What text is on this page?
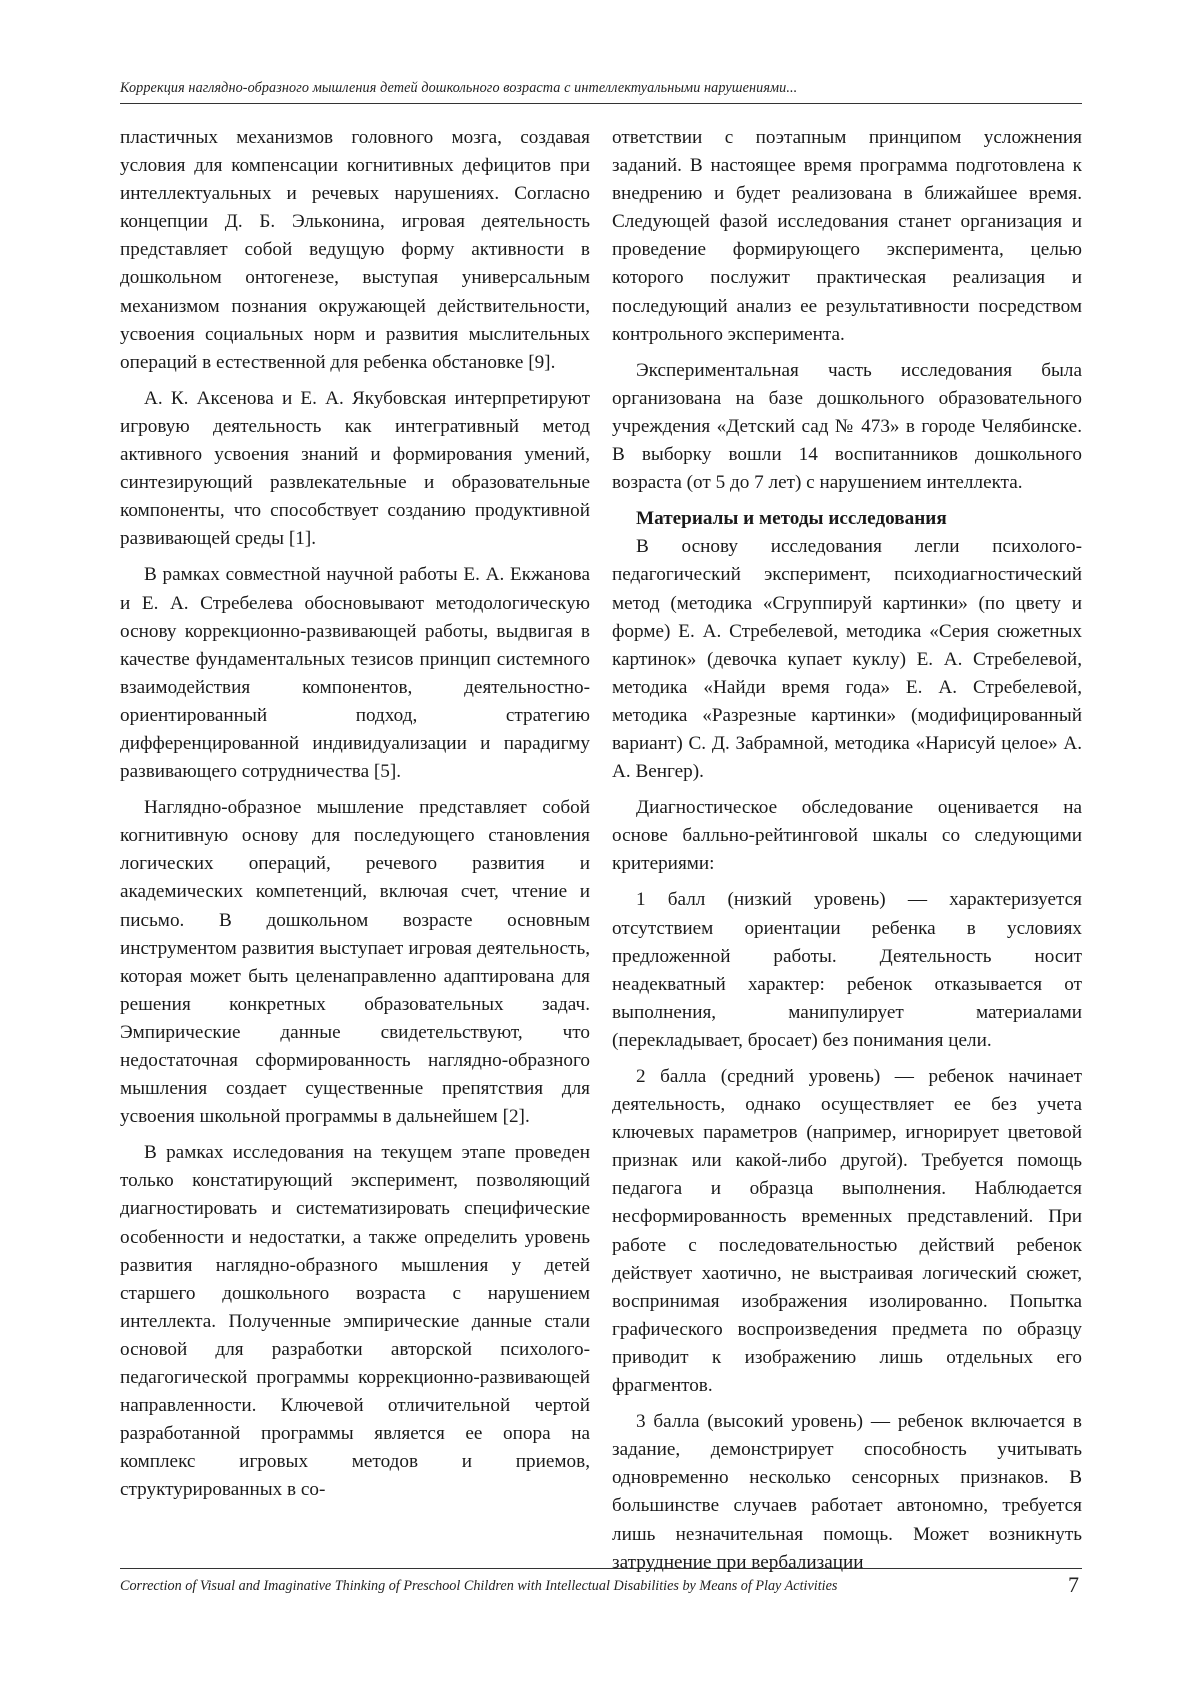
Коррекция наглядно-образного мышления детей дошкольного возраста с интеллектуальными нарушениями...

пластичных механизмов головного мозга, создавая условия для компенсации когнитивных дефицитов при интеллектуальных и речевых нарушениях. Согласно концепции Д. Б. Эльконина, игровая деятельность представляет собой ведущую форму активности в дошкольном онтогенезе, выступая универсальным механизмом познания окружающей действительности, усвоения социальных норм и развития мыслительных операций в естественной для ребенка обстановке [9].

А. К. Аксенова и Е. А. Якубовская интерпретируют игровую деятельность как интегративный метод активного усвоения знаний и формирования умений, синтезирующий развлекательные и образовательные компоненты, что способствует созданию продуктивной развивающей среды [1].

В рамках совместной научной работы Е. А. Екжанова и Е. А. Стребелева обосновывают методологическую основу коррекционно-развивающей работы, выдвигая в качестве фундаментальных тезисов принцип системного взаимодействия компонентов, деятельностно-ориентированный подход, стратегию дифференцированной индивидуализации и парадигму развивающего сотрудничества [5].

Наглядно-образное мышление представляет собой когнитивную основу для последующего становления логических операций, речевого развития и академических компетенций, включая счет, чтение и письмо. В дошкольном возрасте основным инструментом развития выступает игровая деятельность, которая может быть целенаправленно адаптирована для решения конкретных образовательных задач. Эмпирические данные свидетельствуют, что недостаточная сформированность наглядно-образного мышления создает существенные препятствия для усвоения школьной программы в дальнейшем [2].

В рамках исследования на текущем этапе проведен только констатирующий эксперимент, позволяющий диагностировать и систематизировать специфические особенности и недостатки, а также определить уровень развития наглядно-образного мышления у детей старшего дошкольного возраста с нарушением интеллекта. Полученные эмпирические данные стали основой для разработки авторской психолого-педагогической программы коррекционно-развивающей направленности. Ключевой отличительной чертой разработанной программы является ее опора на комплекс игровых методов и приемов, структурированных в со-

ответствии с поэтапным принципом усложнения заданий. В настоящее время программа подготовлена к внедрению и будет реализована в ближайшее время. Следующей фазой исследования станет организация и проведение формирующего эксперимента, целью которого послужит практическая реализация и последующий анализ ее результативности посредством контрольного эксперимента.

Экспериментальная часть исследования была организована на базе дошкольного образовательного учреждения «Детский сад № 473» в городе Челябинске. В выборку вошли 14 воспитанников дошкольного возраста (от 5 до 7 лет) с нарушением интеллекта.

Материалы и методы исследования

В основу исследования легли психолого-педагогический эксперимент, психодиагностический метод (методика «Сгруппируй картинки» (по цвету и форме) Е. А. Стребелевой, методика «Серия сюжетных картинок» (девочка купает куклу) Е. А. Стребелевой, методика «Найди время года» Е. А. Стребелевой, методика «Разрезные картинки» (модифицированный вариант) С. Д. Забрамной, методика «Нарисуй целое» А. А. Венгер).

Диагностическое обследование оценивается на основе балльно-рейтинговой шкалы со следующими критериями:

1 балл (низкий уровень) — характеризуется отсутствием ориентации ребенка в условиях предложенной работы. Деятельность носит неадекватный характер: ребенок отказывается от выполнения, манипулирует материалами (перекладывает, бросает) без понимания цели.

2 балла (средний уровень) — ребенок начинает деятельность, однако осуществляет ее без учета ключевых параметров (например, игнорирует цветовой признак или какой-либо другой). Требуется помощь педагога и образца выполнения. Наблюдается несформированность временных представлений. При работе с последовательностью действий ребенок действует хаотично, не выстраивая логический сюжет, воспринимая изображения изолированно. Попытка графического воспроизведения предмета по образцу приводит к изображению лишь отдельных его фрагментов.

3 балла (высокий уровень) — ребенок включается в задание, демонстрирует способность учитывать одновременно несколько сенсорных признаков. В большинстве случаев работает автономно, требуется лишь незначительная помощь. Может возникнуть затруднение при вербализации

Correction of Visual and Imaginative Thinking of Preschool Children with Intellectual Disabilities by Means of Play Activities	7
